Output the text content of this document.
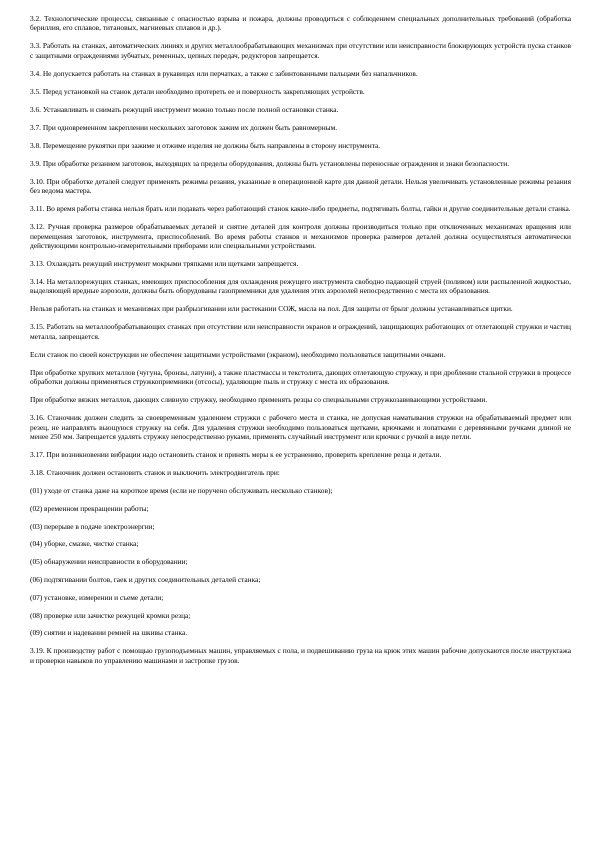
3.2. Технологические процессы, связанные с опасностью взрыва и пожара, должны проводиться с соблюдением специальных дополнительных требований (обработка бериллия, его сплавов, титановых, магниевых сплавов и др.).

3.3. Работать на станках, автоматических линиях и других металлообрабатывающих механизмах при отсутствии или неисправности блокирующих устройств пуска станков с защитными ограждениями зубчатых, ременных, цепных передач, редукторов запрещается.

3.4. Не допускается работать на станках в рукавицах или перчатках, а также с забинтованными пальцами без напальчников.

3.5. Перед установкой на станок детали необходимо протереть ее и поверхность закрепляющих устройств.

3.6. Устанавливать и снимать режущий инструмент можно только после полной остановки станка.

3.7. При одновременном закреплении нескольких заготовок зажим их должен быть равномерным.

3.8. Перемещение рукоятки при зажиме и отжиме изделия не должны быть направлены в сторону инструмента.

3.9. При обработке резанием заготовок, выходящих за пределы оборудования, должны быть установлены переносные ограждения и знаки безопасности.

3.10. При обработке деталей следует применять режимы резания, указанные в операционной карте для данной детали. Нельзя увеличивать установленные режимы резания без ведома мастера.

3.11. Во время работы станка нельзя брать или подавать через работающий станок какие-либо предметы, подтягивать болты, гайки и другие соединительные детали станка.

3.12. Ручная проверка размеров обрабатываемых деталей и снятие деталей для контроля должны производиться только при отключенных механизмах вращения или перемещения заготовок, инструмента, приспособлений. Во время работы станков и механизмов проверка размеров деталей должна осуществляться автоматически действующими контрольно-измерительными приборами или специальными устройствами.

3.13. Охлаждать режущий инструмент мокрыми тряпками или щетками запрещается.

3.14. На металлорежущих станках, имеющих приспособления для охлаждения режущего инструмента свободно падающей струей (поливом) или распыленной жидкостью, выделяющей вредные аэрозоли, должны быть оборудованы газоприемники для удаления этих аэрозолей непосредственно с места их образования.

Нельзя работать на станках и механизмах при разбрызгивании или растекании СОЖ, масла на пол. Для защиты от брызг должны устанавливаться щитки.

3.15. Работать на металлообрабатывающих станках при отсутствии или неисправности экранов и ограждений, защищающих работающих от отлетающей стружки и частиц металла, запрещается.

Если станок по своей конструкции не обеспечен защитными устройствами (экраном), необходимо пользоваться защитными очками.

При обработке хрупких металлов (чугуна, бронзы, латуни), а также пластмассы и текстолита, дающих отлетающую стружку, и при дроблении стальной стружки в процессе обработки должны применяться стружкоприемники (отсосы), удаляющие пыль и стружку с места их образования.

При обработке вязких металлов, дающих сливную стружку, необходимо применять резцы со специальными стружкозавивающими устройствами.

3.16. Станочник должен следить за своевременным удалением стружки с рабочего места и станка, не допуская наматывания стружки на обрабатываемый предмет или резец, не направлять вьющуюся стружку на себя. Для удаления стружки необходимо пользоваться щетками, крючками и лопатками с деревянными ручками длиной не менее 250 мм. Запрещается удалять стружку непосредственно руками, применять случайный инструмент или крючки с ручкой в виде петли.

3.17. При возникновении вибрации надо остановить станок и принять меры к ее устранению, проверить крепление резца и детали.

3.18. Станочник должен остановить станок и выключить электродвигатель при:

(01) уходе от станка даже на короткое время (если не поручено обслуживать несколько станков);

(02) временном прекращении работы;

(03) перерыве в подаче электроэнергии;

(04) уборке, смазке, чистке станка;

(05) обнаружении неисправности в оборудовании;

(06) подтягивании болтов, гаек и других соединительных деталей станка;

(07) установке, измерении и съеме детали;

(08) проверке или зачистке режущей кромки резца;

(09) снятии и надевании ремней на шкивы станка.

3.19. К производству работ с помощью грузоподъемных машин, управляемых с пола, и подвешиванию груза на крюк этих машин рабочие допускаются после инструктажа и проверки навыков по управлению машинами и застропке грузов.
